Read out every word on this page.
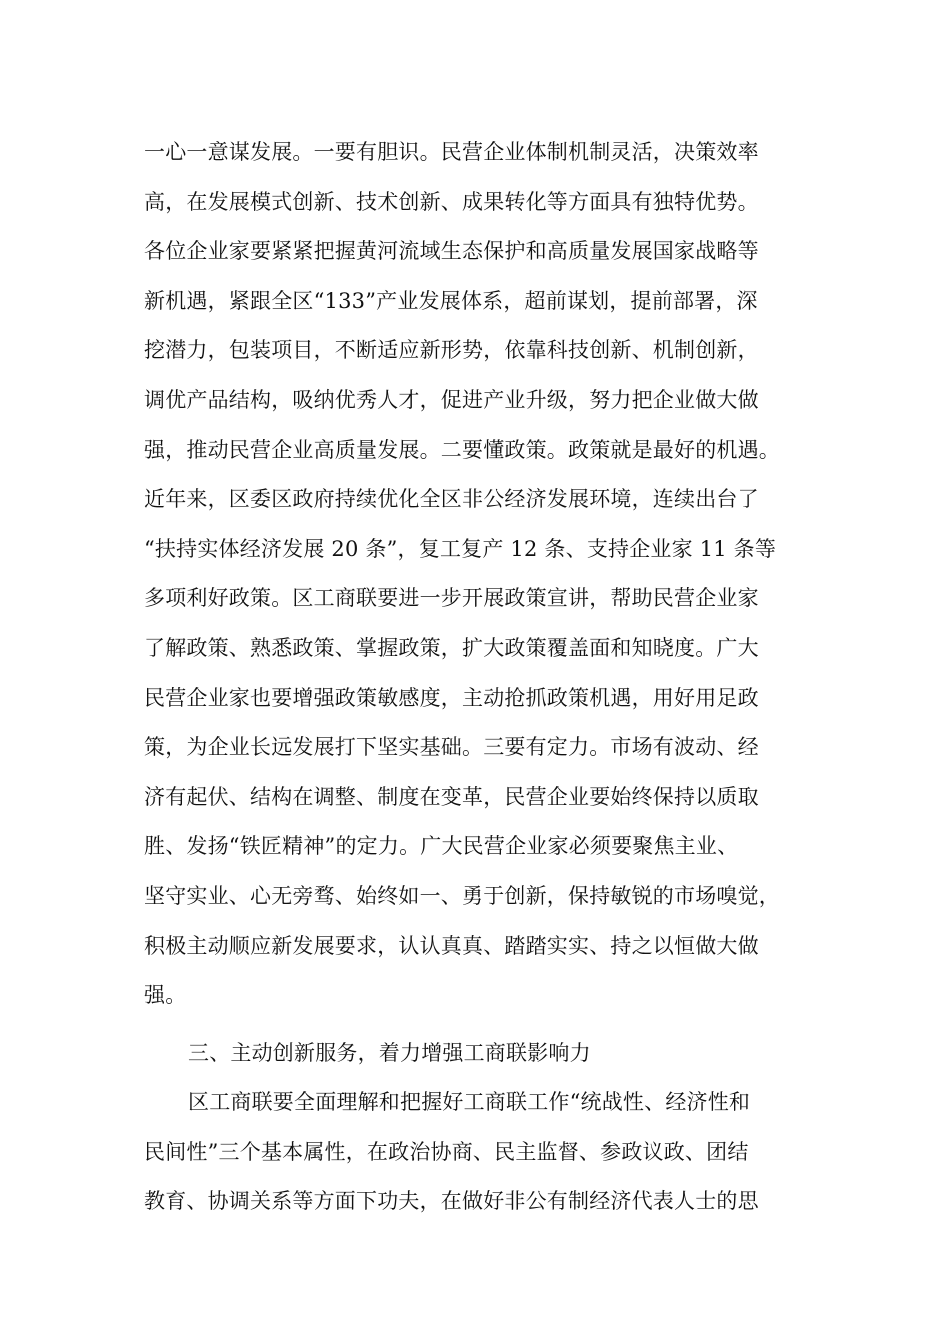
一心一意谋发展。一要有胆识。民营企业体制机制灵活，决策效率
高，在发展模式创新、技术创新、成果转化等方面具有独特优势。
各位企业家要紧紧把握黄河流域生态保护和高质量发展国家战略等
新机遇，紧跟全区“133”产业发展体系，超前谋划，提前部署，深
挖潜力，包装项目，不断适应新形势，依靠科技创新、机制创新，
调优产品结构，吸纳优秀人才，促进产业升级，努力把企业做大做
强，推动民营企业高质量发展。二要懂政策。政策就是最好的机遇。
近年来，区委区政府持续优化全区非公经济发展环境，连续出台了
“扶持实体经济发展 20 条”，复工复产 12 条、支持企业家 11 条等
多项利好政策。区工商联要进一步开展政策宣讲，帮助民营企业家
了解政策、熟悉政策、掌握政策，扩大政策覆盖面和知晓度。广大
民营企业家也要增强政策敏感度，主动抢抓政策机遇，用好用足政
策，为企业长远发展打下坚实基础。三要有定力。市场有波动、经
济有起伏、结构在调整、制度在变革，民营企业要始终保持以质取
胜、发扬“铁匠精神”的定力。广大民营企业家必须要聚焦主业、
坚守实业、心无旁骛、始终如一、勇于创新，保持敏锐的市场嗅觉，
积极主动顺应新发展要求，认认真真、踏踏实实、持之以恒做大做
强。
三、主动创新服务，着力增强工商联影响力
区工商联要全面理解和把握好工商联工作“统战性、经济性和
民间性”三个基本属性，在政治协商、民主监督、参政议政、团结
教育、协调关系等方面下功夫，在做好非公有制经济代表人士的思
